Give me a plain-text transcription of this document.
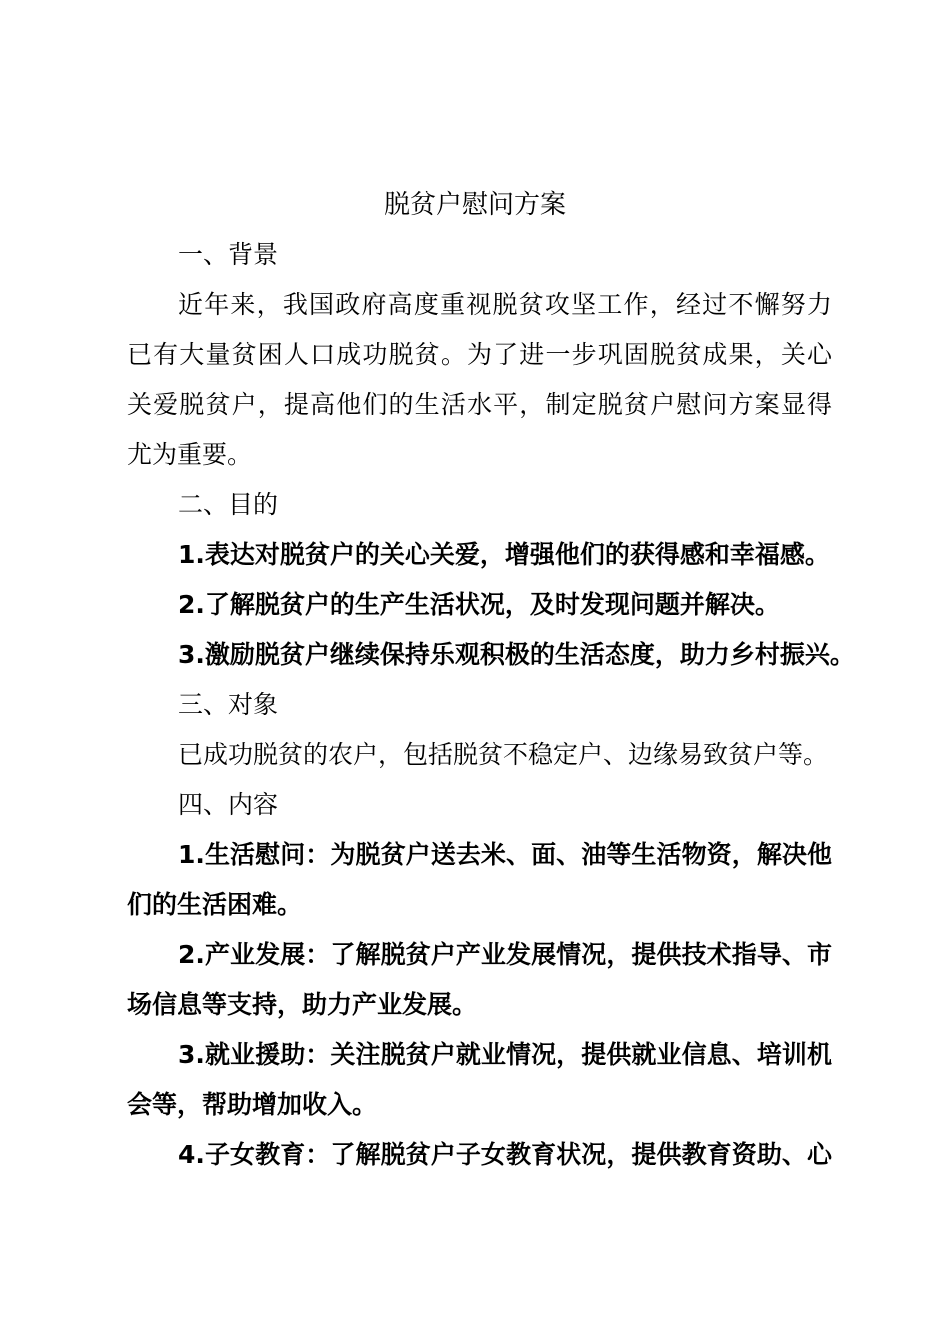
脱贫户慰问方案
一、背景
近年来，我国政府高度重视脱贫攻坚工作，经过不懈努力
已有大量贫困人口成功脱贫。为了进一步巩固脱贫成果，关心
关爱脱贫户，提高他们的生活水平，制定脱贫户慰问方案显得
尤为重要。
二、目的
1.表达对脱贫户的关心关爱，增强他们的获得感和幸福感。
2.了解脱贫户的生产生活状况，及时发现问题并解决。
3.激励脱贫户继续保持乐观积极的生活态度，助力乡村振兴。
三、对象
已成功脱贫的农户，包括脱贫不稳定户、边缘易致贫户等。
四、内容
1.生活慰问：为脱贫户送去米、面、油等生活物资，解决他
们的生活困难。
2.产业发展：了解脱贫户产业发展情况，提供技术指导、市
场信息等支持，助力产业发展。
3.就业援助：关注脱贫户就业情况，提供就业信息、培训机
会等，帮助增加收入。
4.子女教育：了解脱贫户子女教育状况，提供教育资助、心
